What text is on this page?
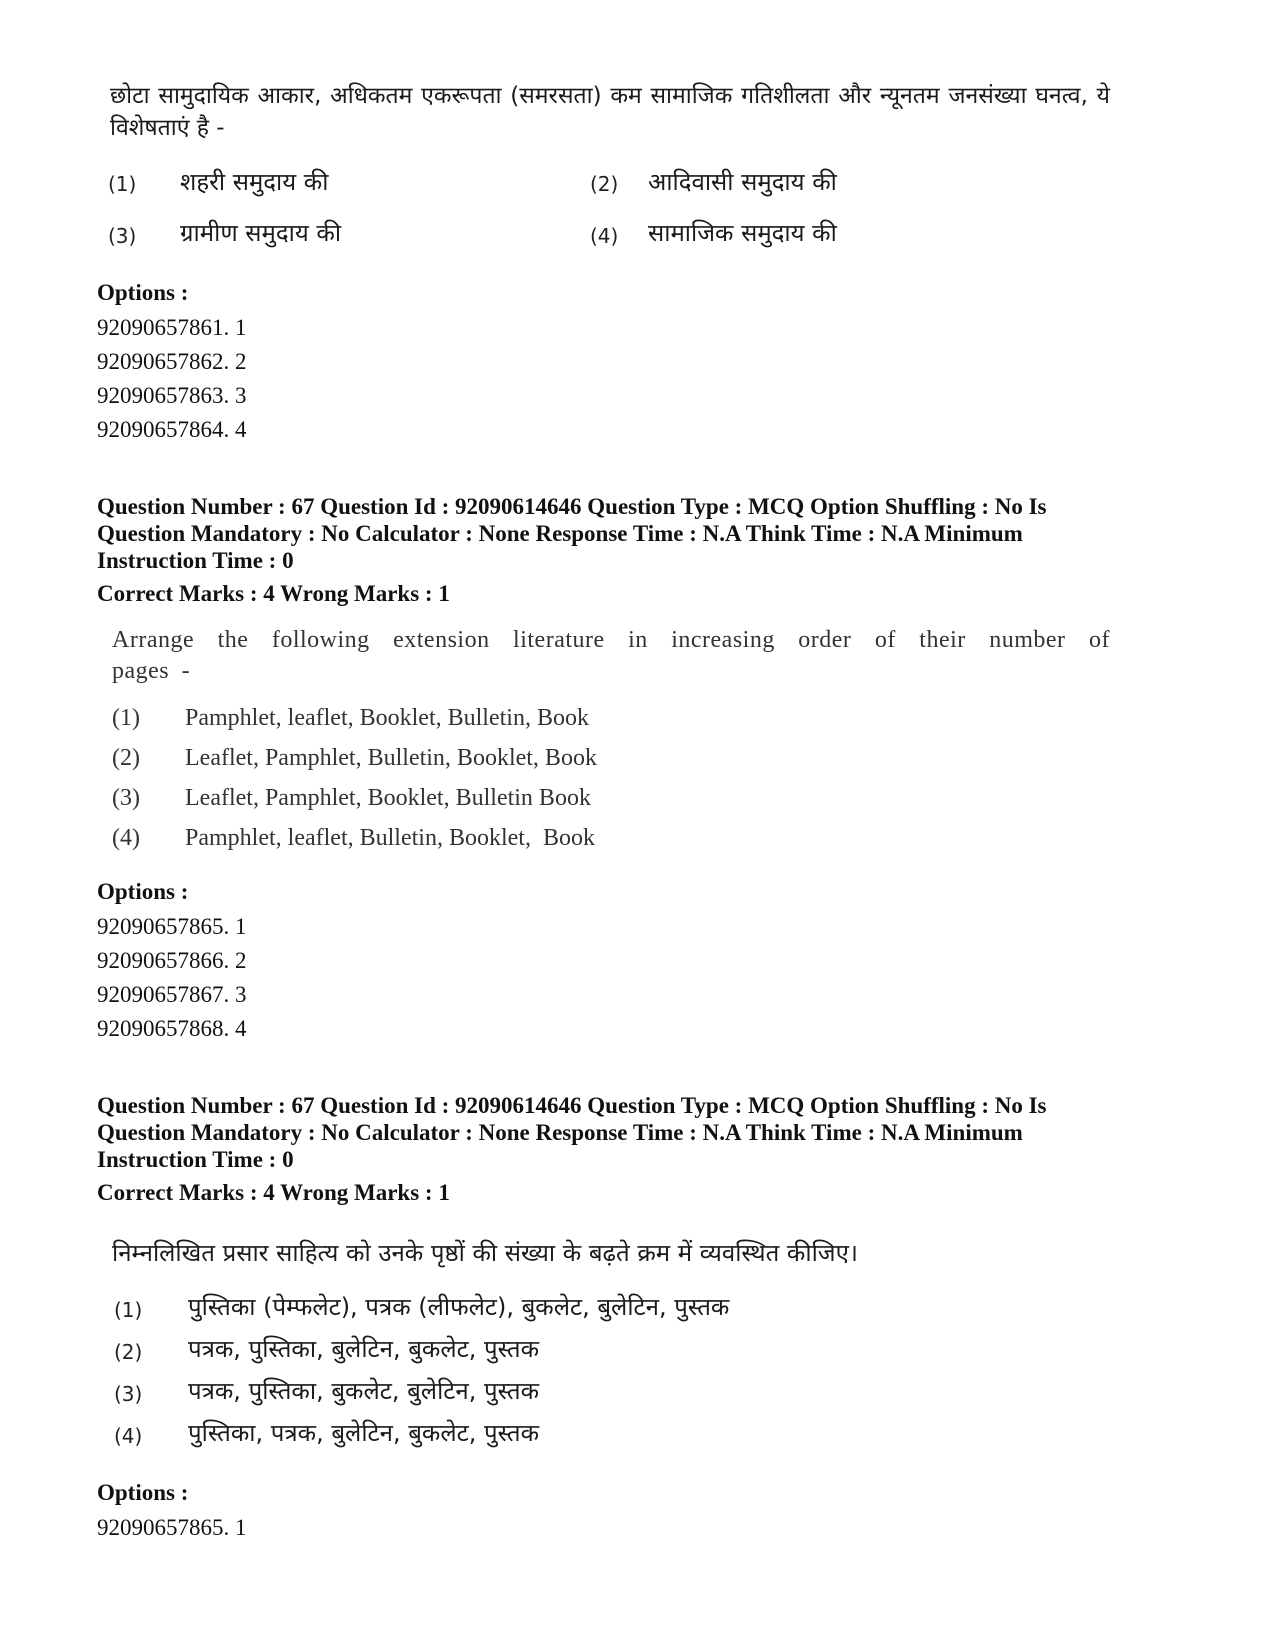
छोटा सामुदायिक आकार, अधिकतम एकरूपता (समरसता) कम सामाजिक गतिशीलता और न्यूनतम जनसंख्या घनत्व, ये विशेषताएं है -
(1) शहरी समुदाय की	(2) आदिवासी समुदाय की
(3) ग्रामीण समुदाय की	(4) सामाजिक समुदाय की
Options :
92090657861. 1
92090657862. 2
92090657863. 3
92090657864. 4
Question Number : 67 Question Id : 92090614646 Question Type : MCQ Option Shuffling : No Is
Question Mandatory : No Calculator : None Response Time : N.A Think Time : N.A Minimum
Instruction Time : 0
Correct Marks : 4 Wrong Marks : 1
Arrange the following extension literature in increasing order of their number of
pages -
(1) Pamphlet, leaflet, Booklet, Bulletin, Book
(2) Leaflet, Pamphlet, Bulletin, Booklet, Book
(3) Leaflet, Pamphlet, Booklet, Bulletin Book
(4) Pamphlet, leaflet, Bulletin, Booklet,  Book
Options :
92090657865. 1
92090657866. 2
92090657867. 3
92090657868. 4
Question Number : 67 Question Id : 92090614646 Question Type : MCQ Option Shuffling : No Is
Question Mandatory : No Calculator : None Response Time : N.A Think Time : N.A Minimum
Instruction Time : 0
Correct Marks : 4 Wrong Marks : 1
निम्नलिखित प्रसार साहित्य को उनके पृष्ठों की संख्या के बढ़ते क्रम में व्यवस्थित कीजिए।
(1) पुस्तिका (पेम्फलेट), पत्रक (लीफलेट), बुकलेट, बुलेटिन, पुस्तक
(2) पत्रक, पुस्तिका, बुलेटिन, बुकलेट, पुस्तक
(3) पत्रक, पुस्तिका, बुकलेट, बुलेटिन, पुस्तक
(4) पुस्तिका, पत्रक, बुलेटिन, बुकलेट, पुस्तक
Options :
92090657865. 1
